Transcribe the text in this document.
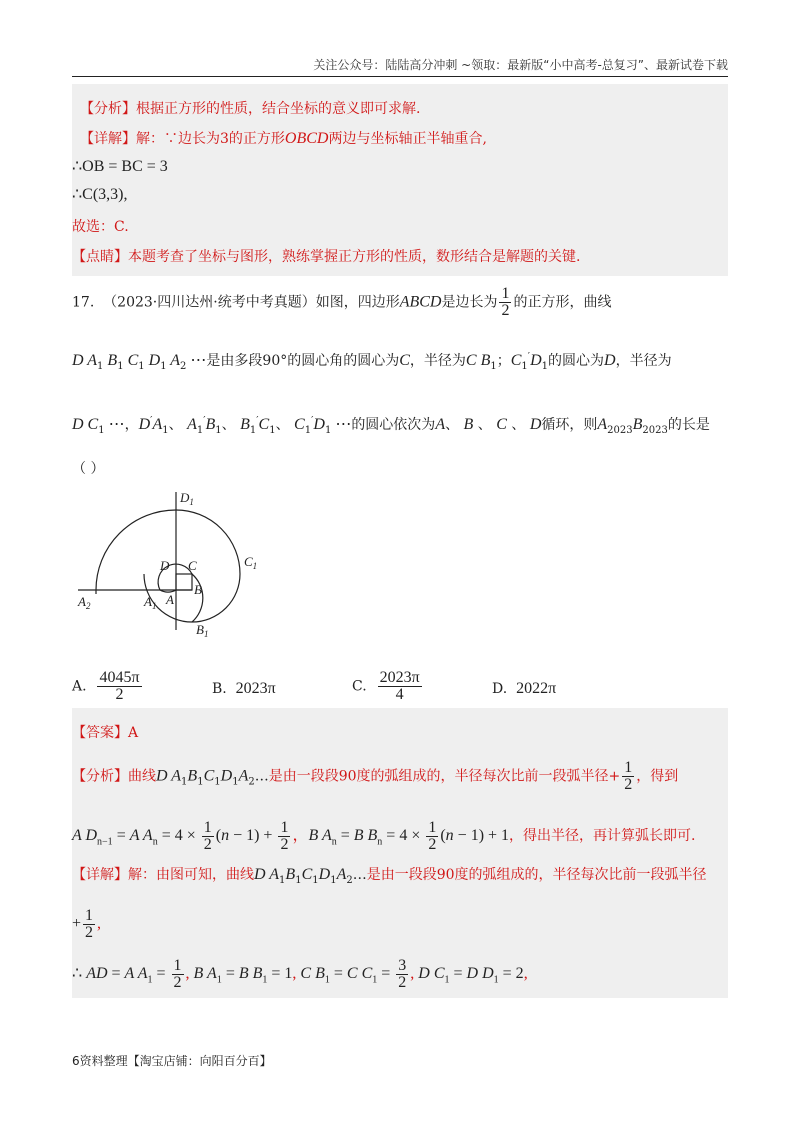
关注公众号：陆陆高分冲刺 ~领取：最新版“小中高考-总复习”、最新试卷下载
【分析】根据正方形的性质，结合坐标的意义即可求解.
【详解】解：∵边长为3的正方形OBCD两边与坐标轴正半轴重合,
∴OB = BC = 3
∴C(3,3),
故选：C.
【点睛】本题考查了坐标与图形，熟练掌握正方形的性质，数形结合是解题的关键.
17. （2023·四川达州·统考中考真题）如图，四边形ABCD是边长为 $\frac{1}{2}$ 的正方形，曲线
D $A_1$ $B_1$ $C_1$ $D_1$ $A_2$ ⋯是由多段90°的圆心角的圆心为C，半径为C $B_1$；$C_1'D_1$的圆心为D，半径为
D $C_1$ ⋯，$D'A_1$、 $A_1'B_1$、 $B_1'C_1$、 $C_1'D_1$ ⋯的圆心依次为A、 B 、 C 、 D循环，则$A_{2023}B_{2023}$的长是
（ ）
$D_1$
$C_1$
D C
$A_2$	$A_1$ A
B
$B_1$
A. $\frac{4045\pi}{2}$	B. 2023π	C. $\frac{2023\pi}{4}$	D. 2022π
【答案】A
【分析】曲线D $A_1B_1C_1D_1A_2\dots$是由一段段90度的弧组成的，半径每次比前一段弧半径+ $\frac{1}{2}$ ，得到
A $D_{n-1} = A$ $A_n = 4 \times \frac{1}{2} (n - 1) + \frac{1}{2}$ ，B $A_n = B$ $B_n = 4 \times \frac{1}{2} (n - 1) + 1$，得出半径，再计算弧长即可.
【详解】解：由图可知，曲线D $A_1B_1C_1D_1A_2\dots$是由一段段90度的弧组成的，半径每次比前一段弧半径
+ $\frac{1}{2}$ ,
∴ AD = A $A_1 = \frac{1}{2}$ , B $A_1 = B$ $B_1 = 1$, C $B_1 = C$ $C_1 = \frac{3}{2}$ , D $C_1 = D$ $D_1 = 2$,
6资料整理【淘宝店铺：向阳百分百】
